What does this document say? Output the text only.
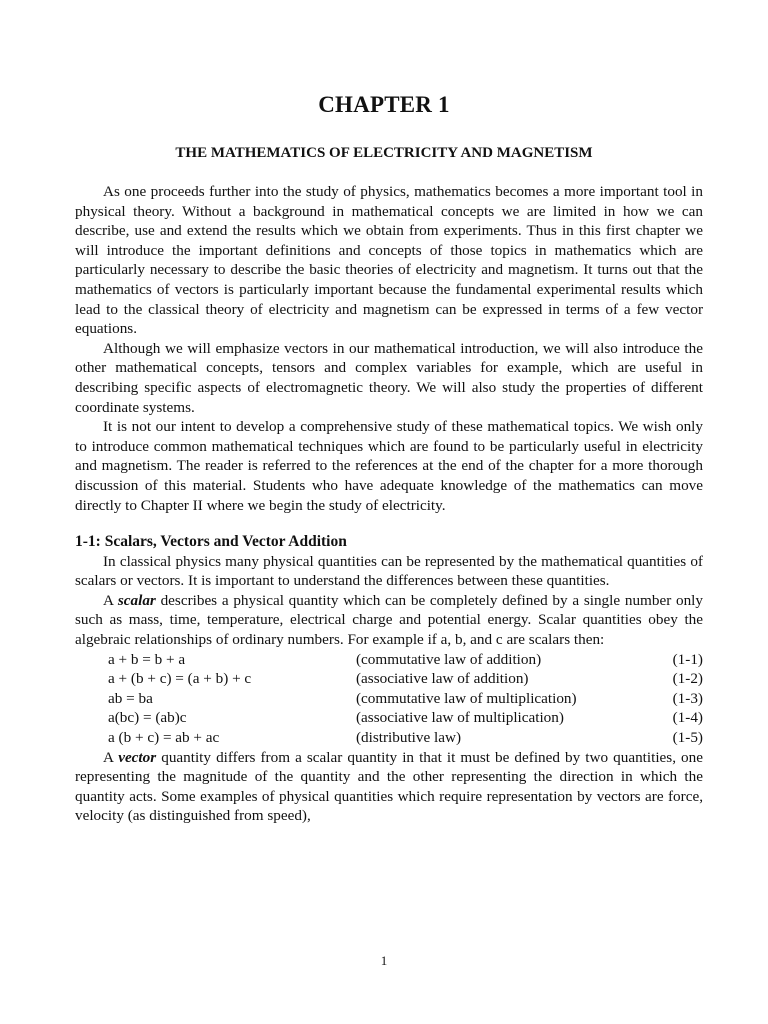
CHAPTER 1
THE MATHEMATICS OF ELECTRICITY AND MAGNETISM

As one proceeds further into the study of physics, mathematics becomes a more important tool in physical theory. Without a background in mathematical concepts we are limited in how we can describe, use and extend the results which we obtain from experiments. Thus in this first chapter we will introduce the important definitions and concepts of those topics in mathematics which are particularly necessary to describe the basic theories of electricity and magnetism. It turns out that the mathematics of vectors is particularly important because the fundamental experimental results which lead to the classical theory of electricity and magnetism can be expressed in terms of a few vector equations.

Although we will emphasize vectors in our mathematical introduction, we will also introduce the other mathematical concepts, tensors and complex variables for example, which are useful in describing specific aspects of electromagnetic theory. We will also study the properties of different coordinate systems.

It is not our intent to develop a comprehensive study of these mathematical topics. We wish only to introduce common mathematical techniques which are found to be particularly useful in electricity and magnetism. The reader is referred to the references at the end of the chapter for a more thorough discussion of this material. Students who have adequate knowledge of the mathematics can move directly to Chapter II where we begin the study of electricity.

1-1: Scalars, Vectors and Vector Addition

In classical physics many physical quantities can be represented by the mathematical quantities of scalars or vectors. It is important to understand the differences between these quantities.

A scalar describes a physical quantity which can be completely defined by a single number only such as mass, time, temperature, electrical charge and potential energy. Scalar quantities obey the algebraic relationships of ordinary numbers. For example if a, b, and c are scalars then:

a + b = b + a	(commutative law of addition)	(1-1)
a + (b + c) = (a + b) + c	(associative law of addition)	(1-2)
ab = ba	(commutative law of multiplication)	(1-3)
a(bc) = (ab)c	(associative law of multiplication)	(1-4)
a (b + c) = ab + ac	(distributive law)	(1-5)

A vector quantity differs from a scalar quantity in that it must be defined by two quantities, one representing the magnitude of the quantity and the other representing the direction in which the quantity acts. Some examples of physical quantities which require representation by vectors are force, velocity (as distinguished from speed),

1
